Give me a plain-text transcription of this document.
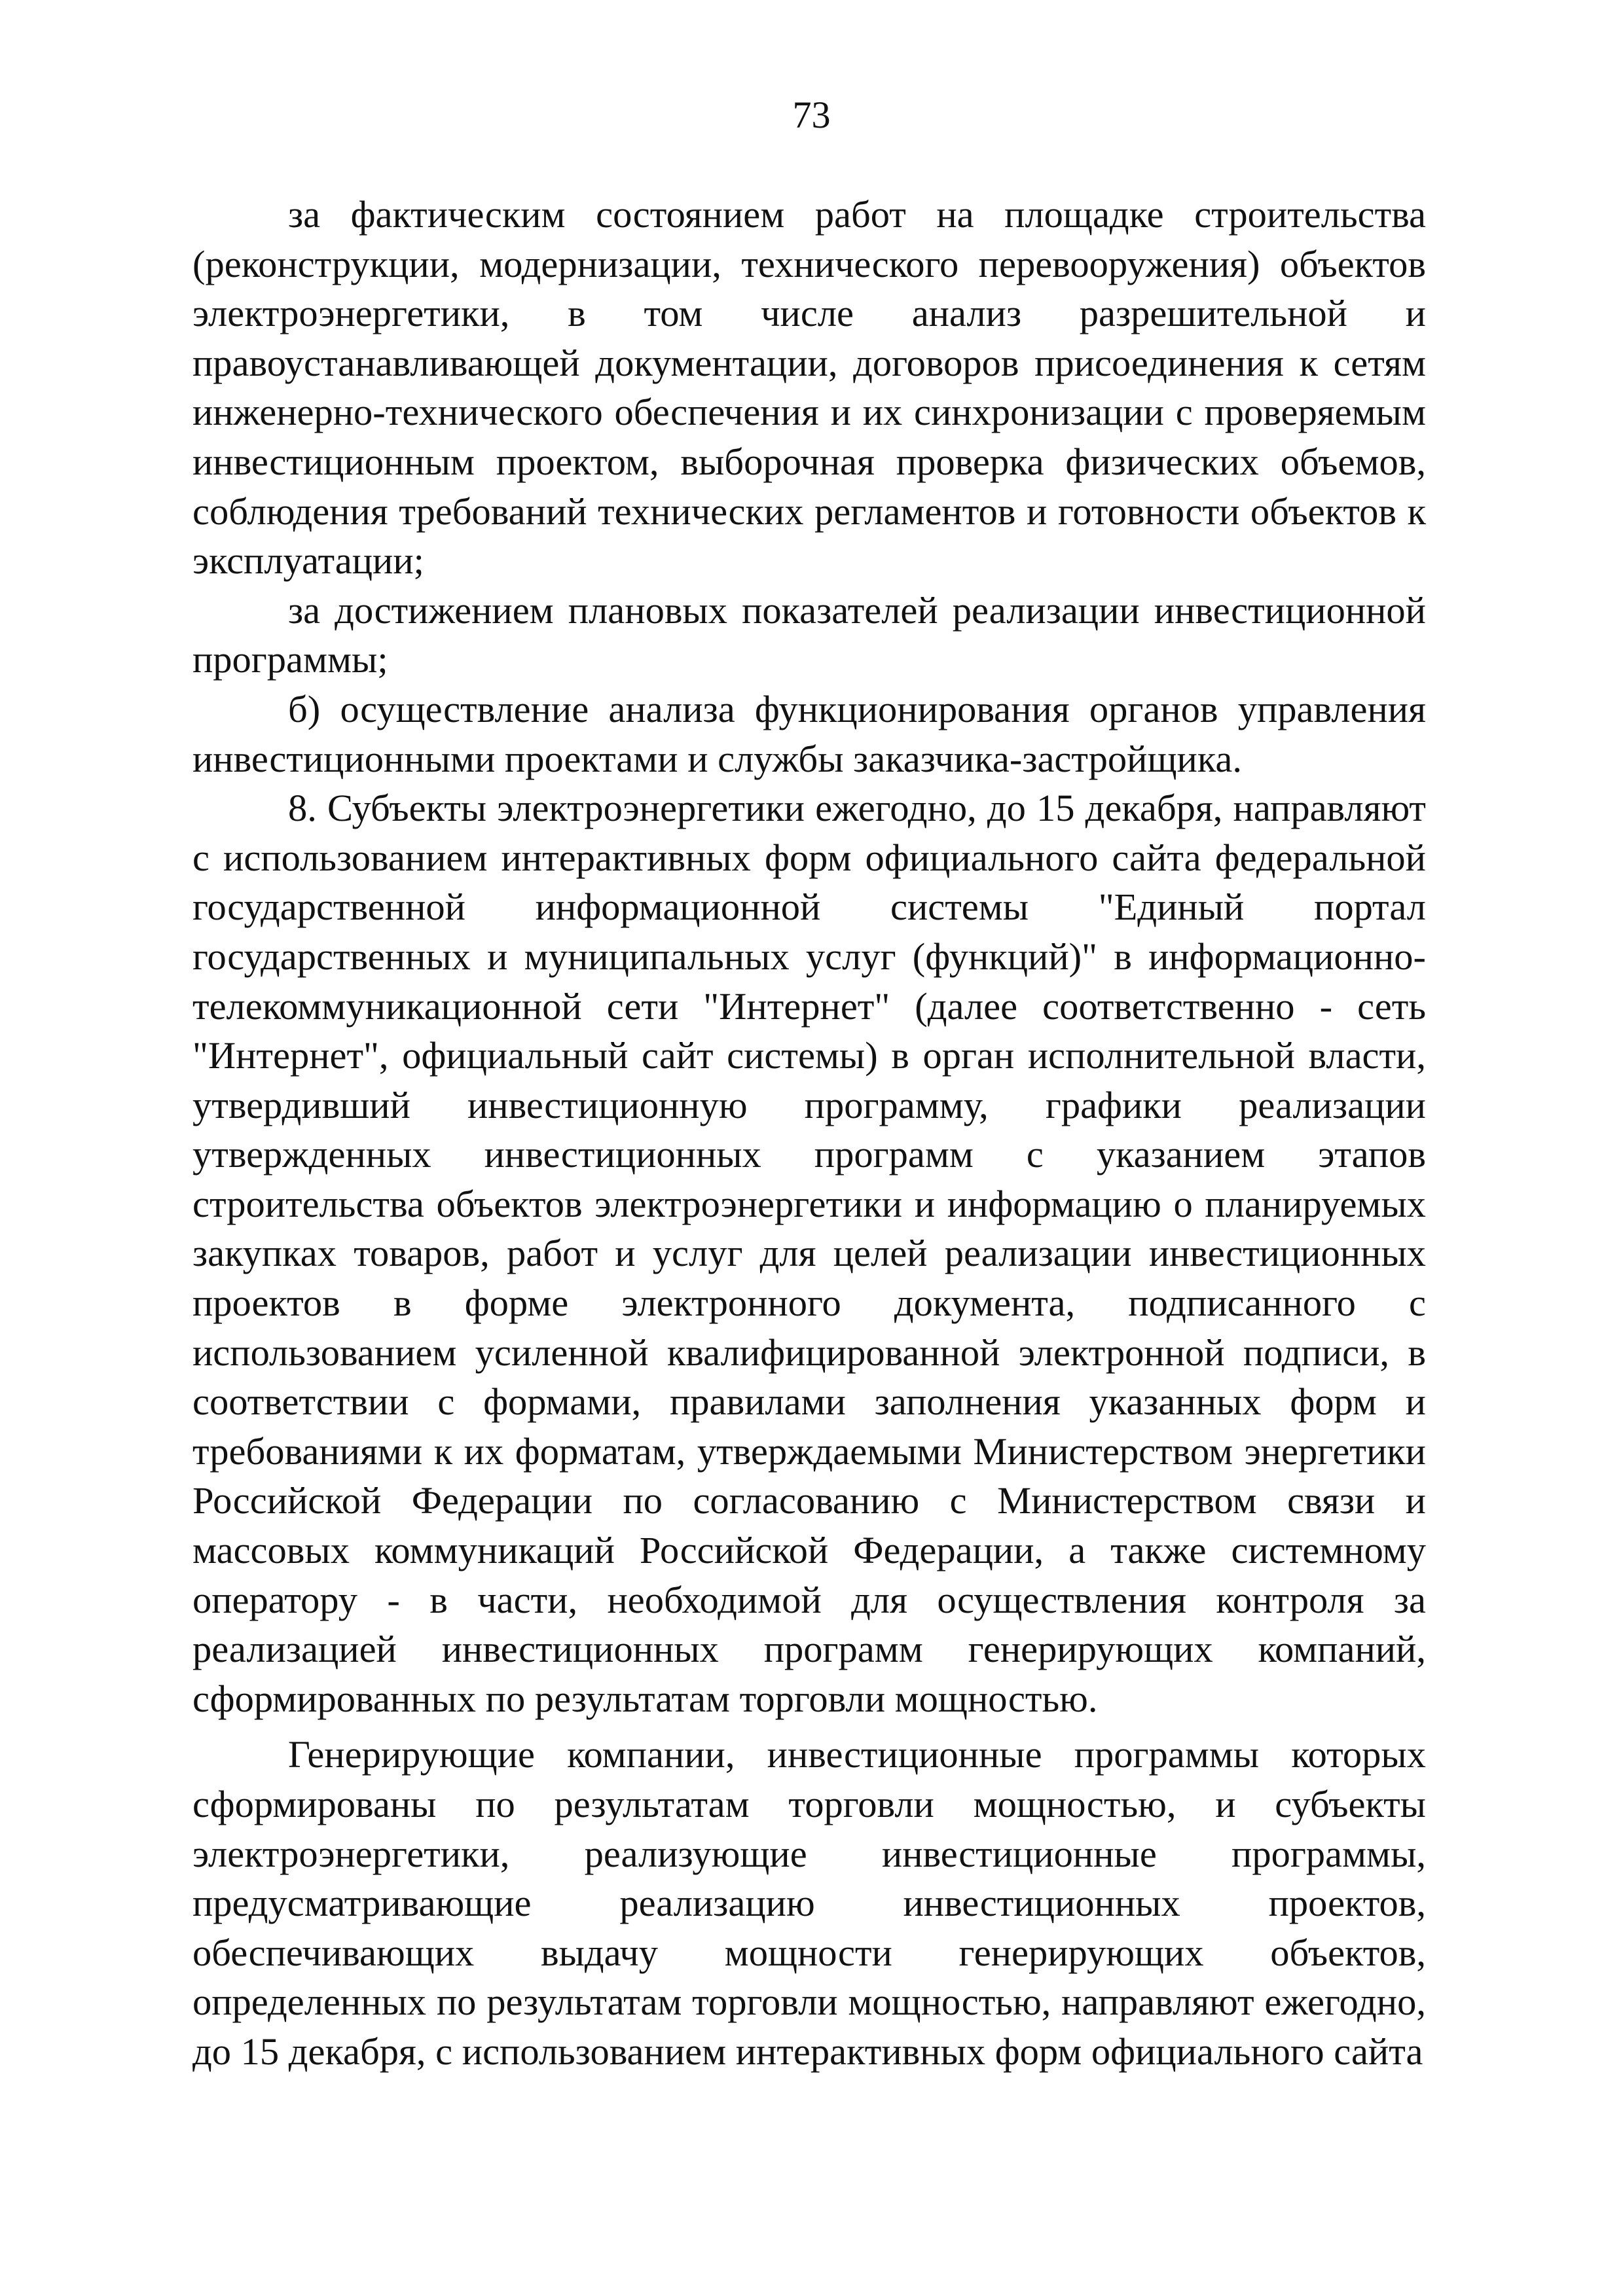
73

за фактическим состоянием работ на площадке строительства (реконструкции, модернизации, технического перевооружения) объектов электроэнергетики, в том числе анализ разрешительной и правоустанавливающей документации, договоров присоединения к сетям инженерно-технического обеспечения и их синхронизации с проверяемым инвестиционным проектом, выборочная проверка физических объемов, соблюдения требований технических регламентов и готовности объектов к эксплуатации;

за достижением плановых показателей реализации инвестиционной программы;

б) осуществление анализа функционирования органов управления инвестиционными проектами и службы заказчика-застройщика.

8. Субъекты электроэнергетики ежегодно, до 15 декабря, направляют с использованием интерактивных форм официального сайта федеральной государственной информационной системы "Единый портал государственных и муниципальных услуг (функций)" в информационно-телекоммуникационной сети "Интернет" (далее соответственно - сеть "Интернет", официальный сайт системы) в орган исполнительной власти, утвердивший инвестиционную программу, графики реализации утвержденных инвестиционных программ с указанием этапов строительства объектов электроэнергетики и информацию о планируемых закупках товаров, работ и услуг для целей реализации инвестиционных проектов в форме электронного документа, подписанного с использованием усиленной квалифицированной электронной подписи, в соответствии с формами, правилами заполнения указанных форм и требованиями к их форматам, утверждаемыми Министерством энергетики Российской Федерации по согласованию с Министерством связи и массовых коммуникаций Российской Федерации, а также системному оператору - в части, необходимой для осуществления контроля за реализацией инвестиционных программ генерирующих компаний, сформированных по результатам торговли мощностью.

Генерирующие компании, инвестиционные программы которых сформированы по результатам торговли мощностью, и субъекты электроэнергетики, реализующие инвестиционные программы, предусматривающие реализацию инвестиционных проектов, обеспечивающих выдачу мощности генерирующих объектов, определенных по результатам торговли мощностью, направляют ежегодно, до 15 декабря, с использованием интерактивных форм официального сайта
